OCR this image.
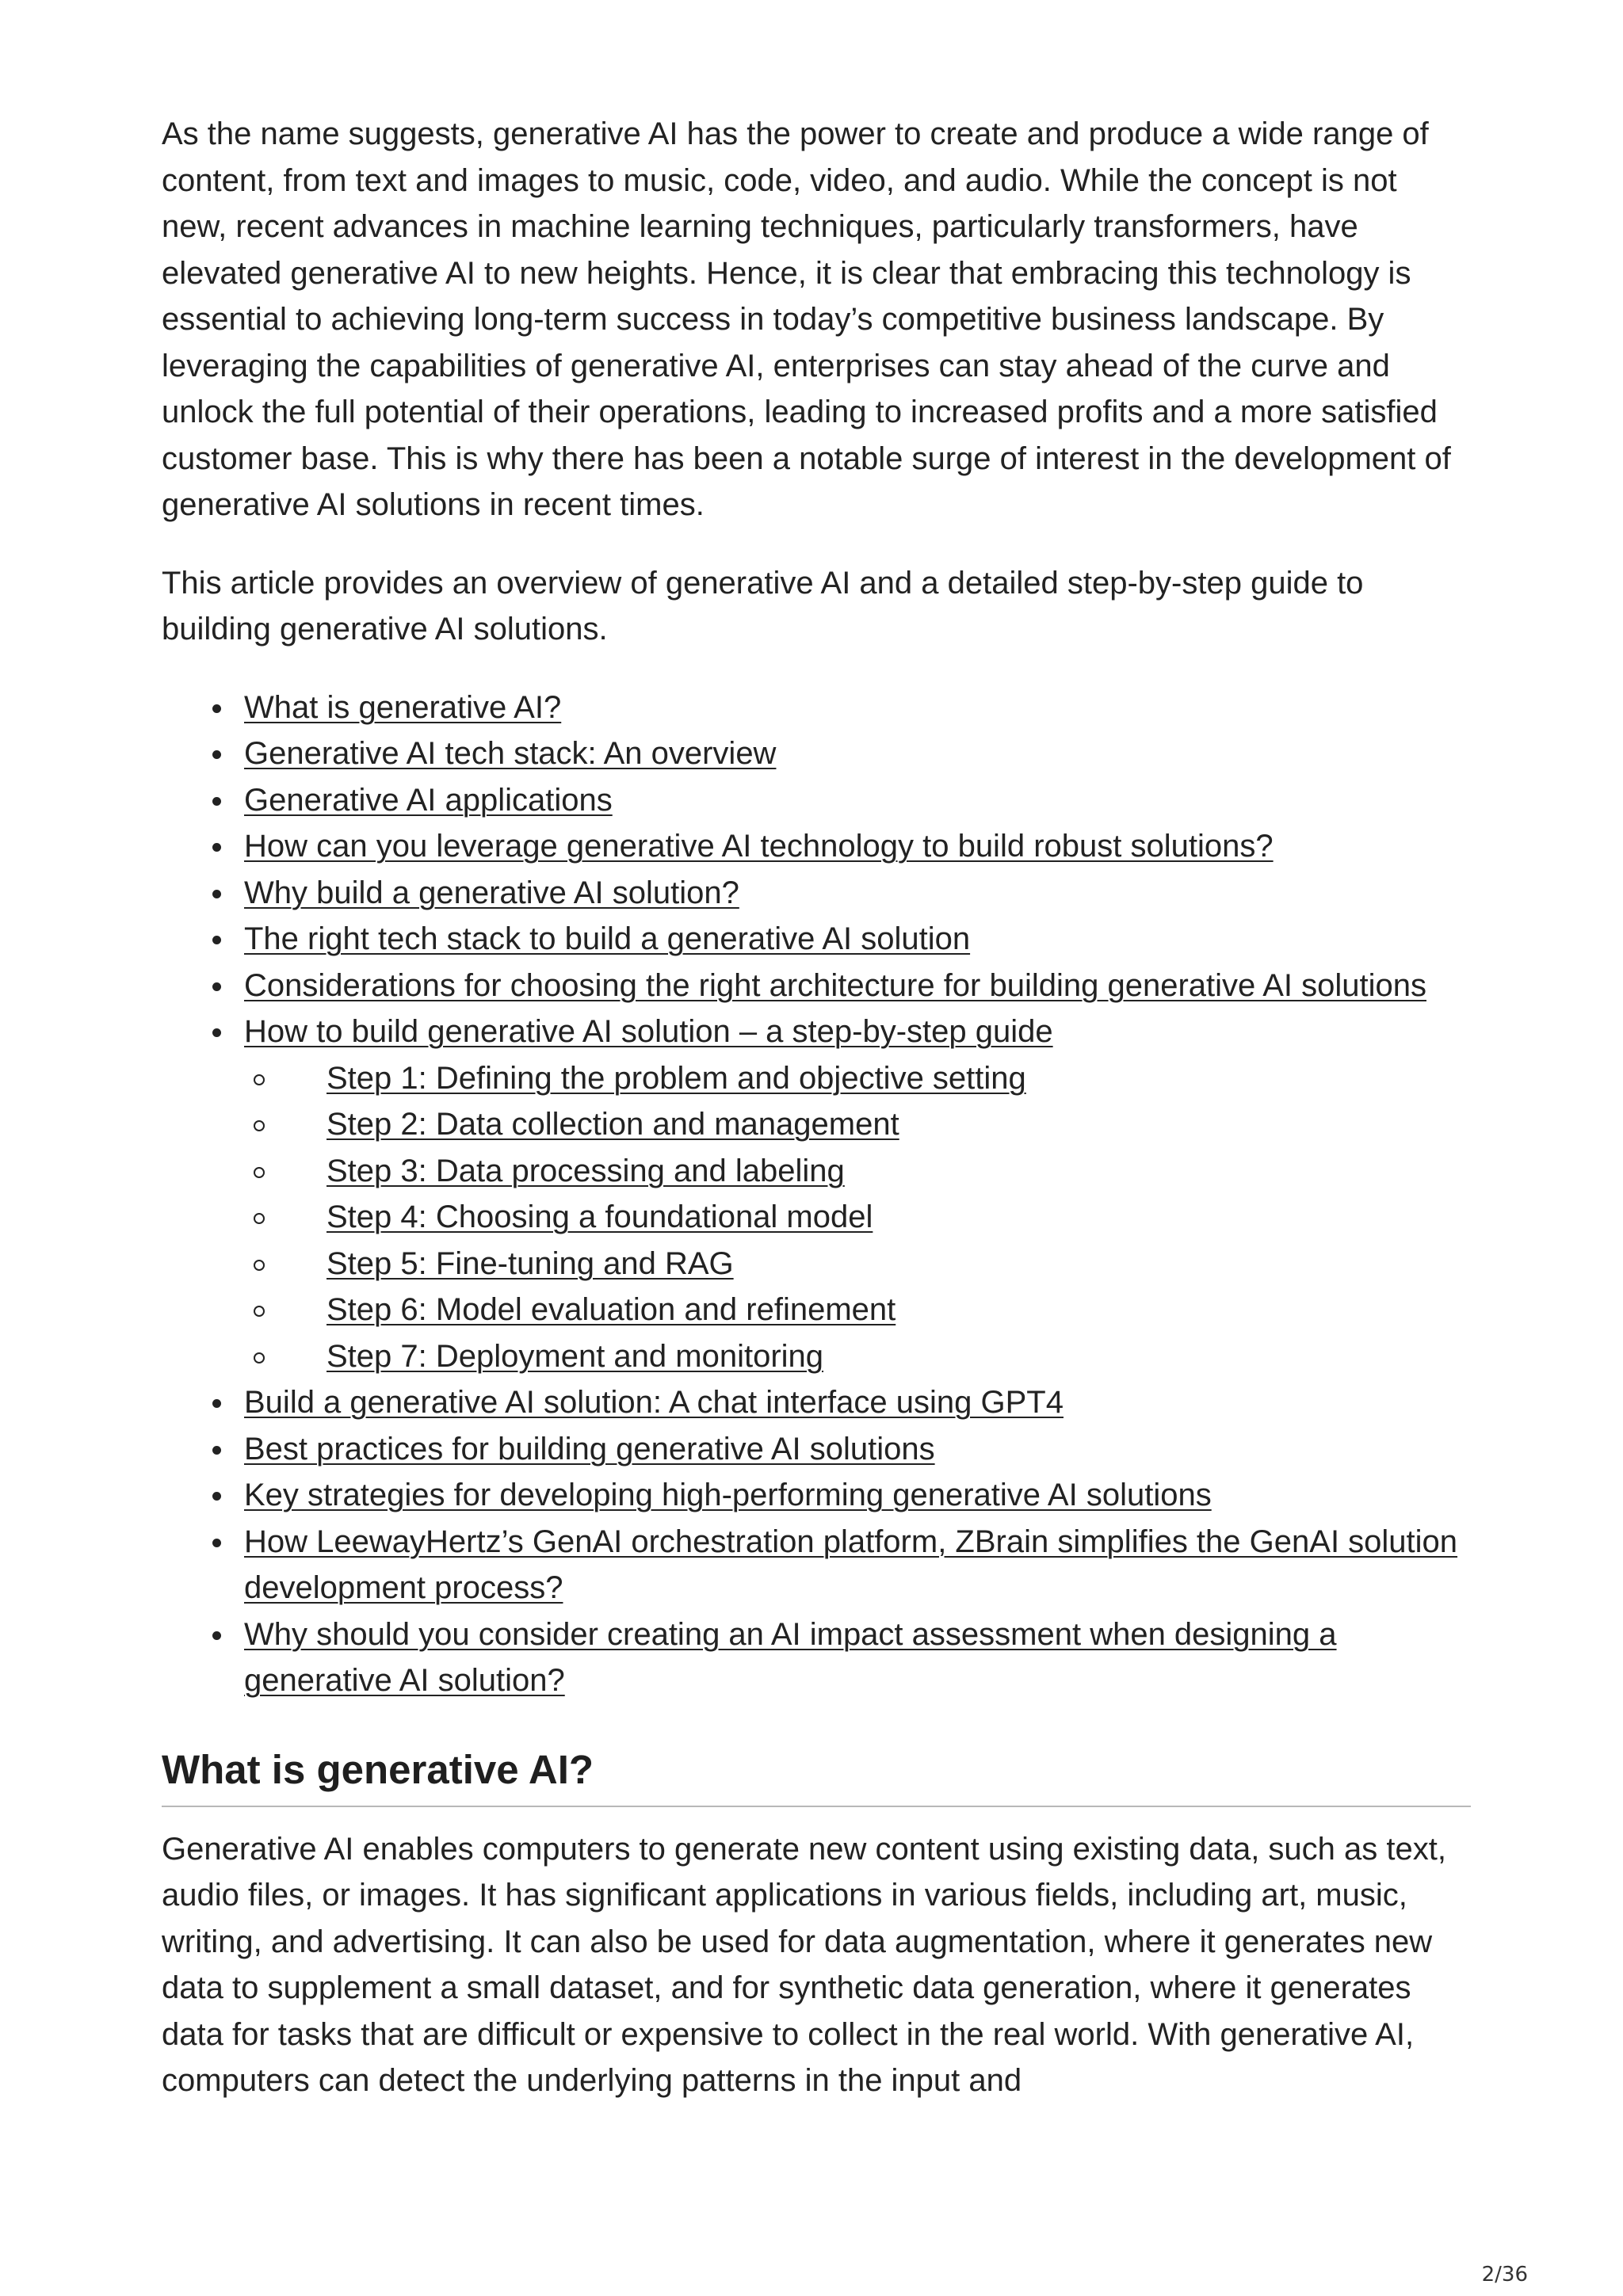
As the name suggests, generative AI has the power to create and produce a wide range of content, from text and images to music, code, video, and audio. While the concept is not new, recent advances in machine learning techniques, particularly transformers, have elevated generative AI to new heights. Hence, it is clear that embracing this technology is essential to achieving long-term success in today’s competitive business landscape. By leveraging the capabilities of generative AI, enterprises can stay ahead of the curve and unlock the full potential of their operations, leading to increased profits and a more satisfied customer base. This is why there has been a notable surge of interest in the development of generative AI solutions in recent times.

This article provides an overview of generative AI and a detailed step-by-step guide to building generative AI solutions.

What is generative AI?
Generative AI tech stack: An overview
Generative AI applications
How can you leverage generative AI technology to build robust solutions?
Why build a generative AI solution?
The right tech stack to build a generative AI solution
Considerations for choosing the right architecture for building generative AI solutions
How to build generative AI solution – a step-by-step guide
Step 1: Defining the problem and objective setting
Step 2: Data collection and management
Step 3: Data processing and labeling
Step 4: Choosing a foundational model
Step 5: Fine-tuning and RAG
Step 6: Model evaluation and refinement
Step 7: Deployment and monitoring
Build a generative AI solution: A chat interface using GPT4
Best practices for building generative AI solutions
Key strategies for developing high-performing generative AI solutions
How LeewayHertz’s GenAI orchestration platform, ZBrain simplifies the GenAI solution development process?
Why should you consider creating an AI impact assessment when designing a generative AI solution?
What is generative AI?

Generative AI enables computers to generate new content using existing data, such as text, audio files, or images. It has significant applications in various fields, including art, music, writing, and advertising. It can also be used for data augmentation, where it generates new data to supplement a small dataset, and for synthetic data generation, where it generates data for tasks that are difficult or expensive to collect in the real world. With generative AI, computers can detect the underlying patterns in the input and

2/36
